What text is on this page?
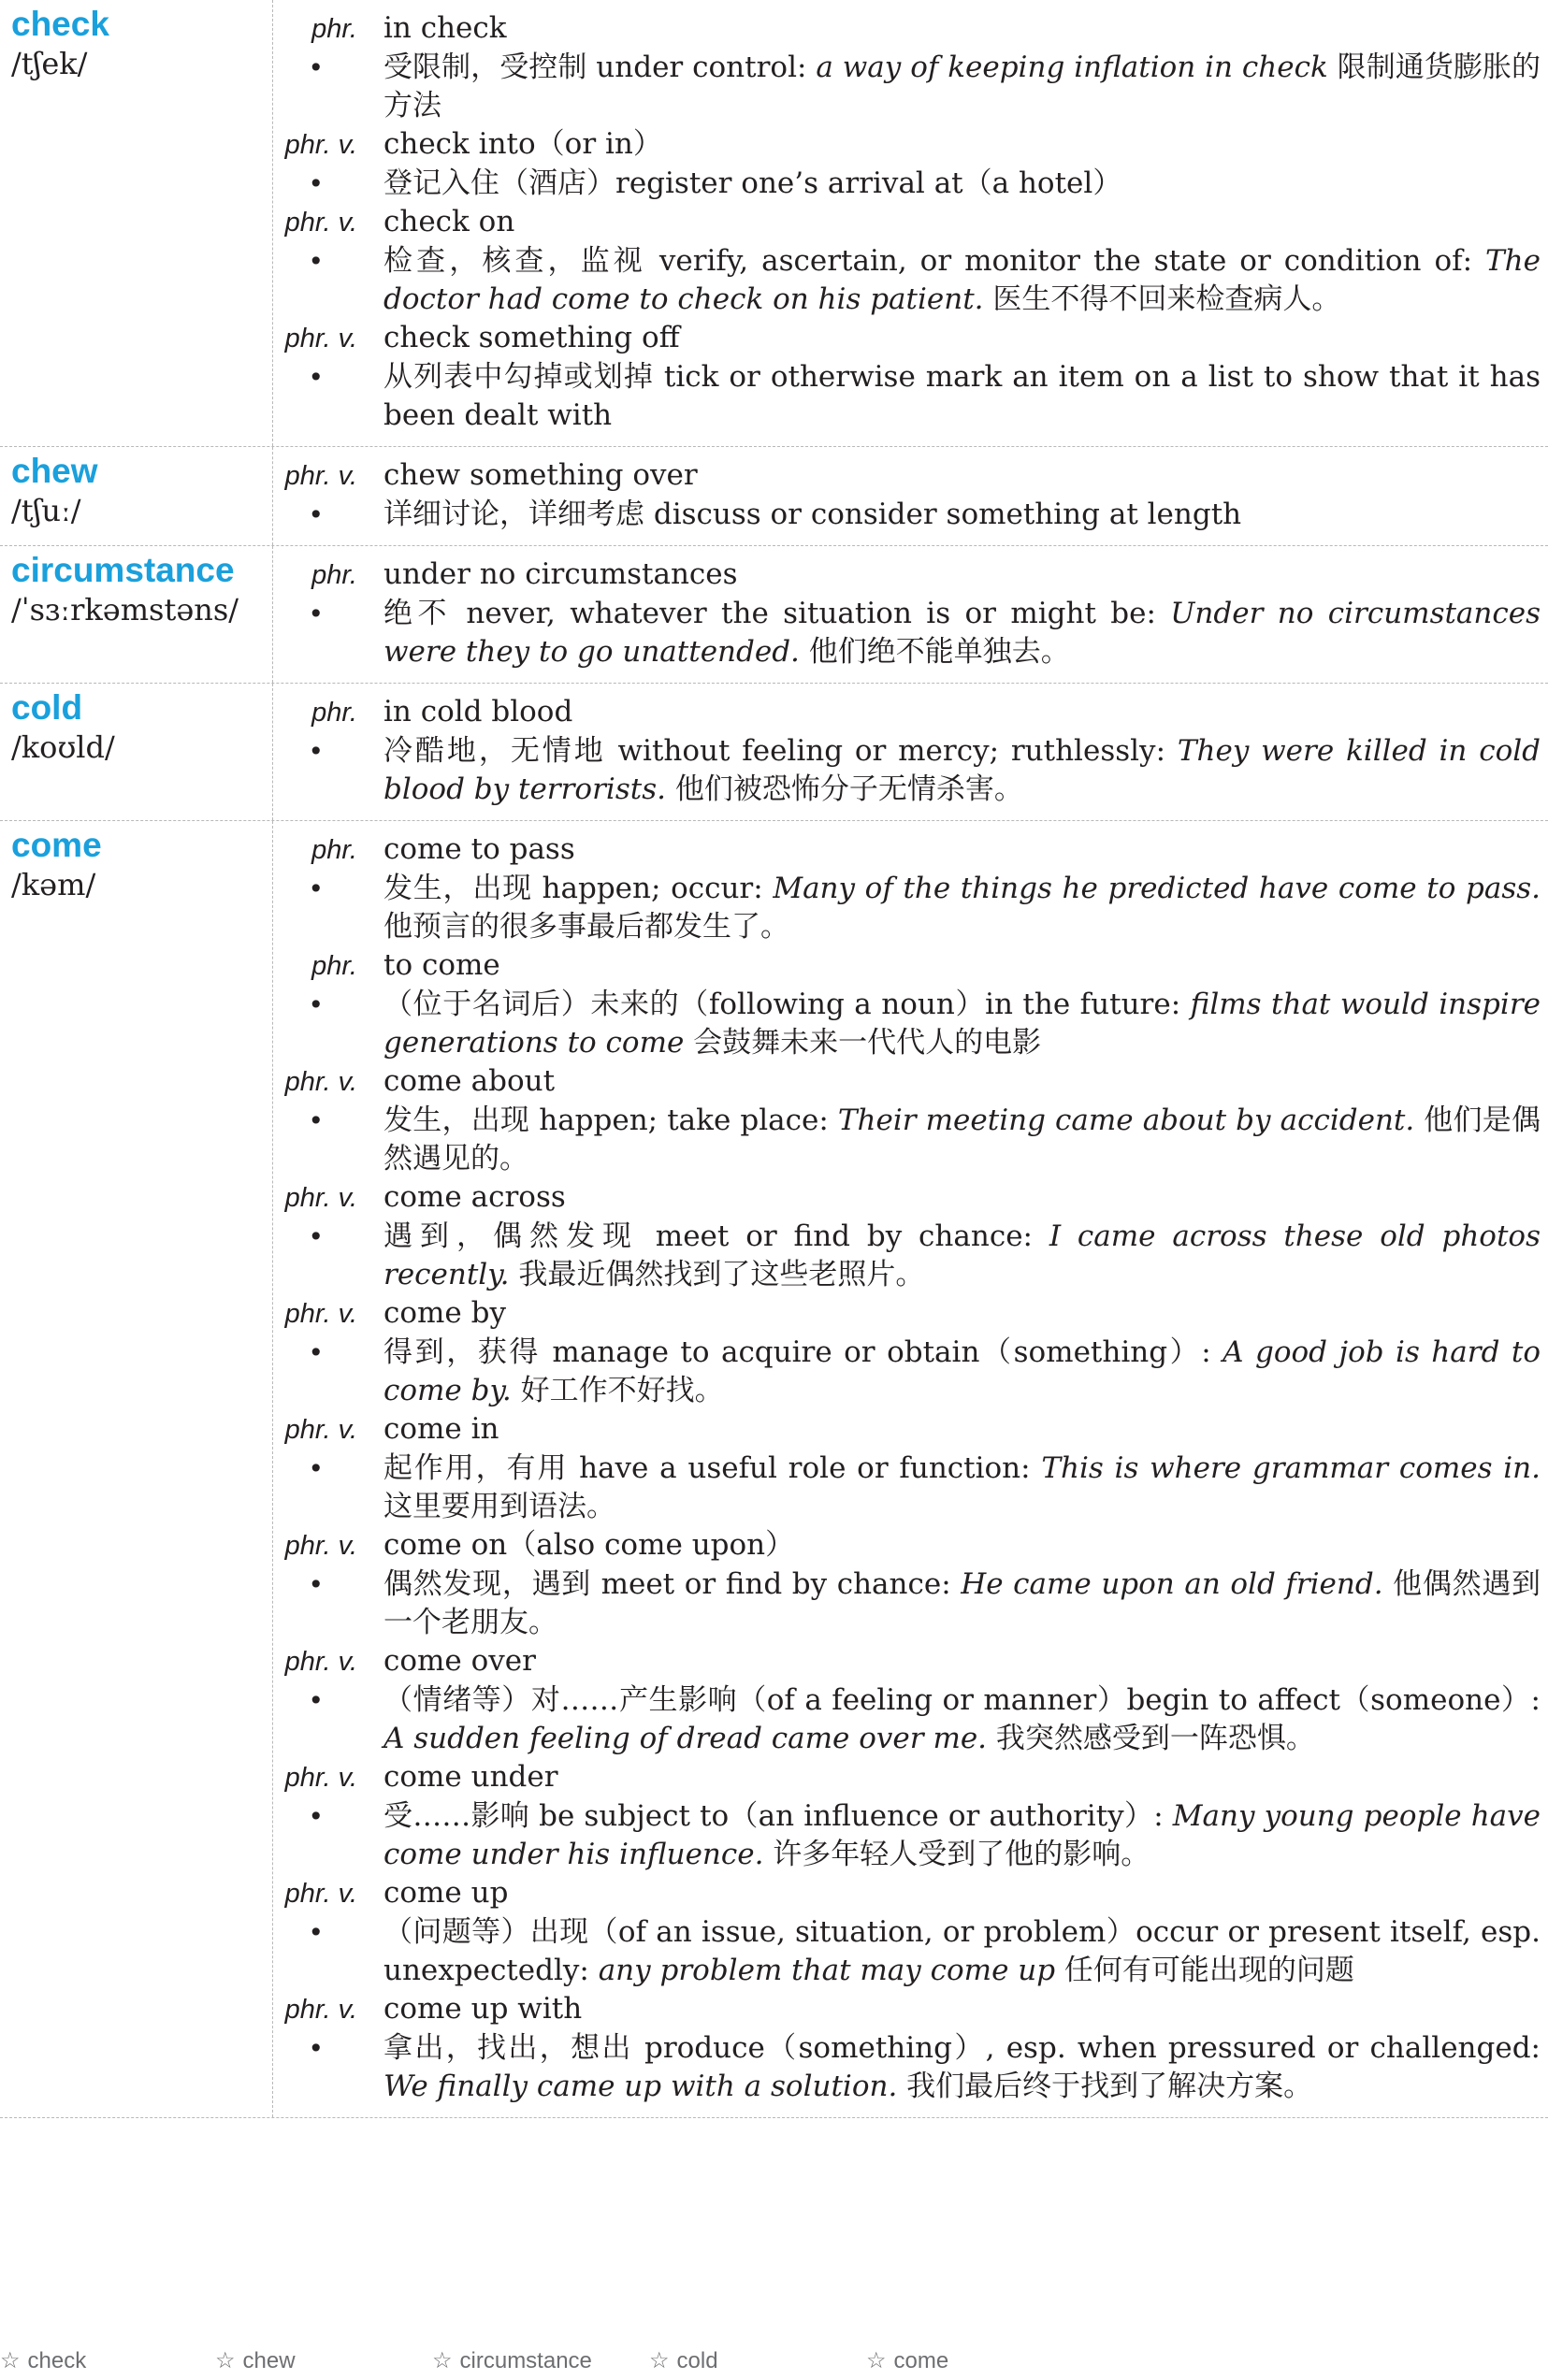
check
/tʃek/
phr. in check
•	受限制，受控制 under control: a way of keeping inflation in check 限制通货膨胀的方法
phr. v. check into（or in）
•	登记入住（酒店）register one’s arrival at（a hotel）
phr. v. check on
•	检查，核查，监视 verify, ascertain, or monitor the state or condition of: The doctor had come to check on his patient. 医生不得不回来检查病人。
phr. v. check something off
•	从列表中勾掉或划掉 tick or otherwise mark an item on a list to show that it has been dealt with
chew
/tʃuː/
phr. v. chew something over
•	详细讨论，详细考虑 discuss or consider something at length
circumstance
/ˈsɜːrkəmstəns/
phr. under no circumstances
•	绝不 never, whatever the situation is or might be: Under no circumstances were they to go unattended. 他们绝不能单独去。
cold
/koʊld/
phr. in cold blood
•	冷酷地，无情地 without feeling or mercy; ruthlessly: They were killed in cold blood by terrorists. 他们被恐怖分子无情杀害。
come
/kəm/
phr. come to pass
•	发生，出现 happen; occur: Many of the things he predicted have come to pass. 他预言的很多事最后都发生了。
phr. to come
•	（位于名词后）未来的（following a noun）in the future: films that would inspire generations to come 会鼓舞未来一代代人的电影
phr. v. come about
•	发生，出现 happen; take place: Their meeting came about by accident. 他们是偶然遇见的。
phr. v. come across
•	遇到，偶然发现 meet or find by chance: I came across these old photos recently. 我最近偶然找到了这些老照片。
phr. v. come by
•	得到，获得 manage to acquire or obtain（something）: A good job is hard to come by. 好工作不好找。
phr. v. come in
•	起作用，有用 have a useful role or function: This is where grammar comes in. 这里要用到语法。
phr. v. come on（also come upon）
•	偶然发现，遇到 meet or find by chance: He came upon an old friend. 他偶然遇到一个老朋友。
phr. v. come over
•	（情绪等）对……产生影响（of a feeling or manner）begin to affect（someone）: A sudden feeling of dread came over me. 我突然感受到一阵恐惧。
phr. v. come under
•	受……影响 be subject to（an influence or authority）: Many young people have come under his influence. 许多年轻人受到了他的影响。
phr. v. come up
•	（问题等）出现（of an issue, situation, or problem）occur or present itself, esp. unexpectedly: any problem that may come up 任何有可能出现的问题
phr. v. come up with
•	拿出，找出，想出 produce（something）, esp. when pressured or challenged: We finally came up with a solution. 我们最后终于找到了解决方案。
☆ check	☆ chew	☆ circumstance	☆ cold	☆ come
